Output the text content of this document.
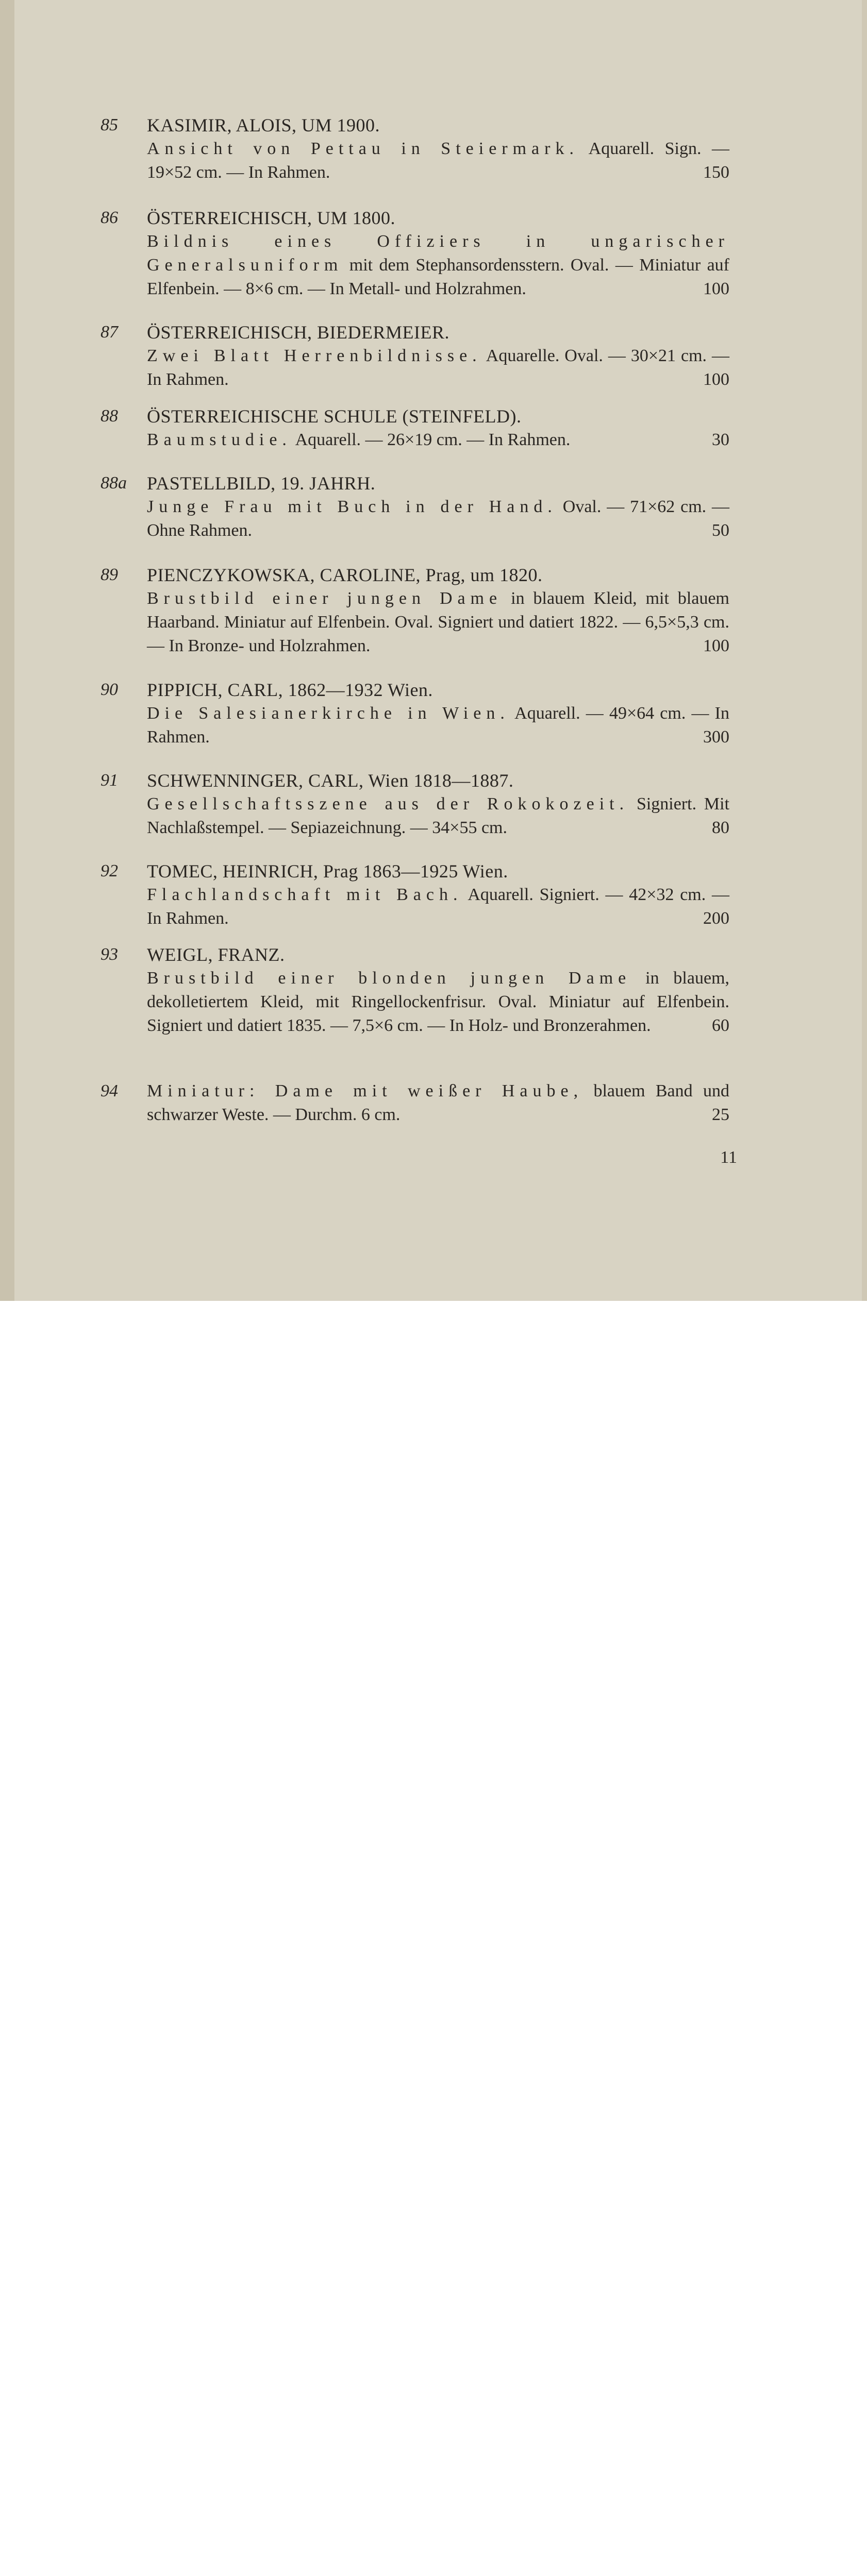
85	KASIMIR, ALOIS, UM 1900.

Ansicht von Pettau in Steiermark. Aquarell. Sign. — 19×52 cm. — In Rahmen.	150

86	ÖSTERREICHISCH, UM 1800.

Bildnis eines Offiziers in ungarischer Generalsuniform mit dem Stephansordensstern. Oval. — Miniatur auf Elfenbein. — 8×6 cm. — In Metall- und Holzrahmen.	100

87	ÖSTERREICHISCH, BIEDERMEIER.

Zwei Blatt Herrenbildnisse. Aquarelle. Oval. — 30×21 cm. — In Rahmen.	100

88	ÖSTERREICHISCHE SCHULE (STEINFELD).

Baumstudie. Aquarell. — 26×19 cm. — In Rahmen.	30

88a	PASTELLBILD, 19. JAHRH.

Junge Frau mit Buch in der Hand. Oval. — 71×62 cm. — Ohne Rahmen.	50

89	PIENCZYKOWSKA, CAROLINE, Prag, um 1820.

Brustbild einer jungen Dame in blauem Kleid, mit blauem Haarband. Miniatur auf Elfenbein. Oval. Signiert und datiert 1822. — 6,5×5,3 cm. — In Bronze- und Holzrahmen.	100

90	PIPPICH, CARL, 1862—1932 Wien.

Die Salesianerkirche in Wien. Aquarell. — 49×64 cm. — In Rahmen.	300

91	SCHWENNINGER, CARL, Wien 1818—1887.

Gesellschaftsszene aus der Rokokozeit. Signiert. Mit Nachlaßstempel. — Sepiazeichnung. — 34×55 cm.	80

92	TOMEC, HEINRICH, Prag 1863—1925 Wien.

Flachlandschaft mit Bach. Aquarell. Signiert. — 42×32 cm. — In Rahmen.	200

93	WEIGL, FRANZ.

Brustbild einer blonden jungen Dame in blauem, dekolletiertem Kleid, mit Ringellockenfrisur. Oval. Miniatur auf Elfenbein. Signiert und datiert 1835. — 7,5×6 cm. — In Holz- und Bronzerahmen.	60

94	Miniatur: Dame mit weißer Haube, blauem Band und schwarzer Weste. — Durchm. 6 cm.	25

11
